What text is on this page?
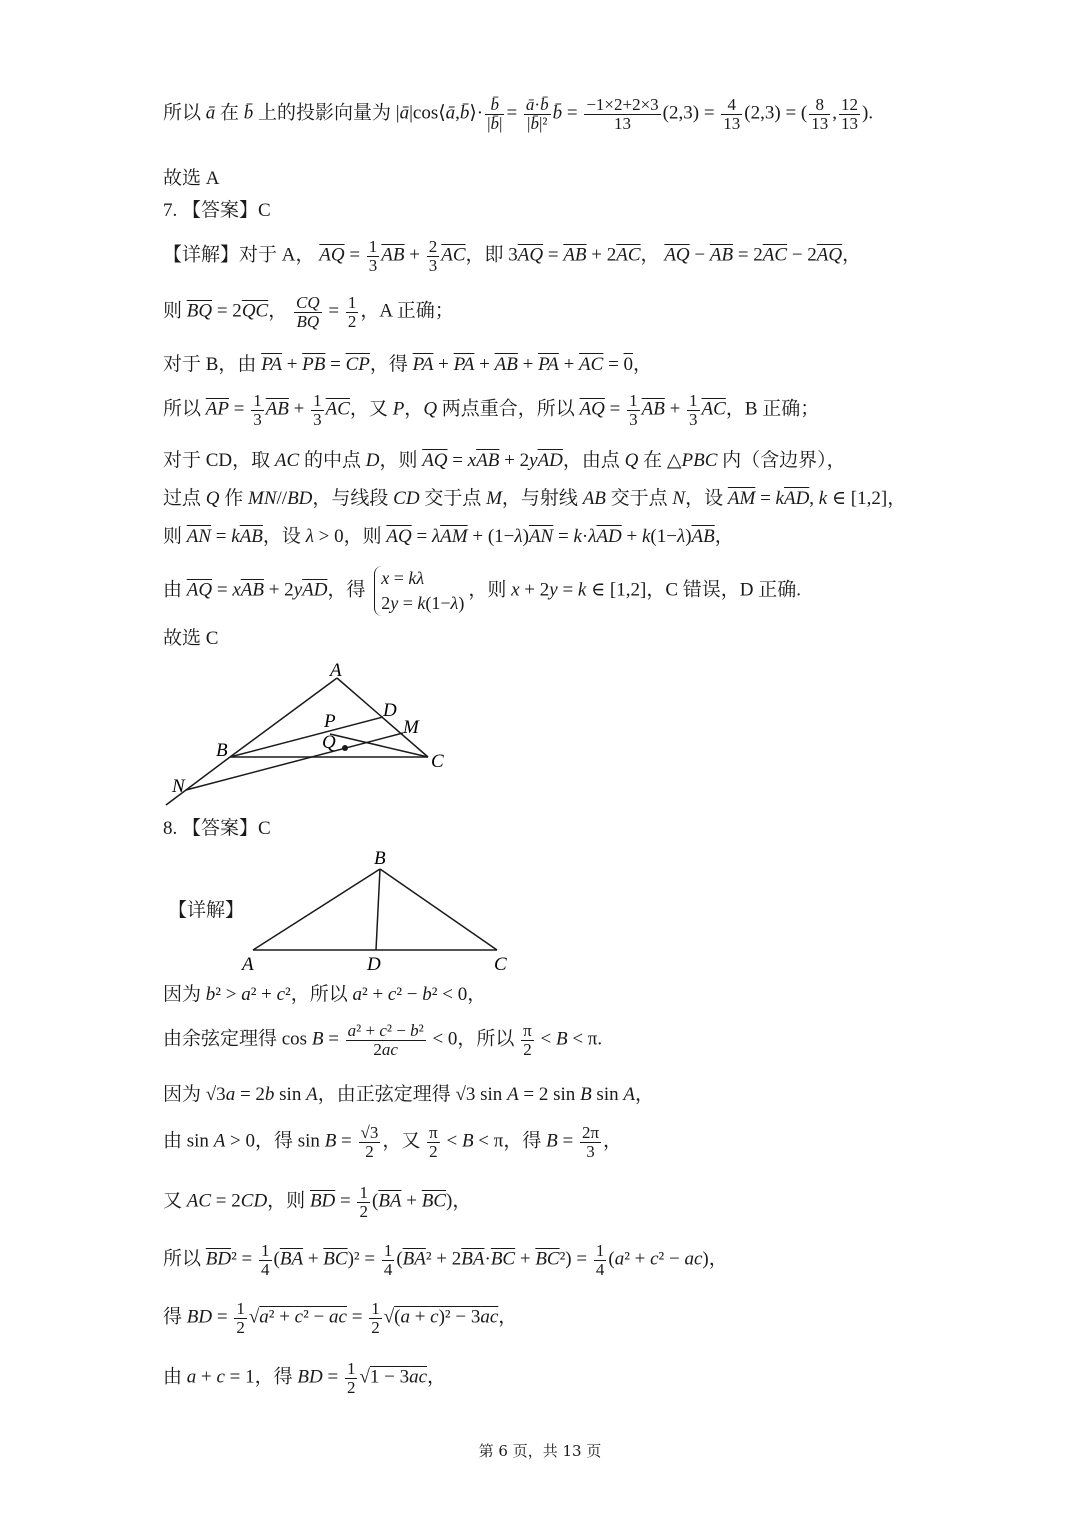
所以 ā 在 b̄ 上的投影向量为 |ā|cos⟨ā,b̄⟩· $\frac{b̄}{|b̄|} = \frac{ā\cdot b̄}{\text{|b̄|²}}$ b̄ = $\frac{-1\times 2+2\times 3}{13} (2,3) = \frac{4}{13} (2,3)$ = ( $\frac{8}{13}$ , $\frac{12}{13}$ ).
故选 A
7. 【答案】C
【详解】对于 A， $\overline{AQ} = \frac{1}{3} \overline{AB} + \frac{2}{3} \overline{AC}$，即 $3\overline{AQ} = \overline{AB} + 2\overline{AC}$， $\overline{AQ} - \overline{AB} = 2\overline{AC} - 2\overline{AQ}$，
则 $\overline{BQ} = 2\overline{QC}$， $\frac{CQ}{BQ} = \frac{1}{2}$ ，A 正确；
对于 B，由 $\overline{PA} + \overline{PB} = \overline{CP}$，得 $\overline{PA} + \overline{PA} + \overline{AB} + \overline{PA} + \overline{AC} = 0$，
所以 $\overline{AP} = \frac{1}{3} \overline{AB} + \frac{1}{3} \overline{AC}$，又 P，Q 两点重合，所以 $\overline{AQ} = \frac{1}{3} \overline{AB} + \frac{1}{3} \overline{AC}$，B 正确；
对于 CD，取 AC 的中点 D，则 $\overline{AQ} = x\overline{AB} + 2y\overline{AD}$，由点 Q 在 △PBC 内（含边界），
过点 Q 作 MN//BD，与线段 CD 交于点 M，与射线 AB 交于点 N，设 $\overline{AM} = k\overline{AD}$, k ∈ [1,2]，
则 $\overline{AN} = k\overline{AB}$，设 λ > 0，则 $\overline{AQ} = \lambda\overline{AM} + (1-\lambda)\overline{AN} = k\cdot\lambda\overline{AD} + k(1-\lambda)\overline{AB}$，
由 $\overline{AQ} = x\overline{AB} + 2y\overline{AD}$，得
x = kλ
2y = k(1−λ)
，则 x + 2y = k ∈ [1,2]，C 错误，D 正确.
故选 C
A
B
C
D
P
Q
M
N
8. 【答案】C
【详解】
B
A	D	C
因为 b² > a² + c²，所以 a² + c² − b² < 0，
由余弦定理得 $\cos B = \frac{\text{a² + c² − b²}}{2ac} < 0$，所以 $\frac{\pi}{2} < B < \pi$.
因为 √3a = 2b sin A，由正弦定理得 √3 sin A = 2 sin B sin A，
由 sin A > 0，得 $\sin B = \frac{√3}{2}$ ，又 $\frac{\pi}{2} < B < \pi$，得 $B = \frac{2\pi}{3}$ ，
又 AC = 2CD，则 $\overline{BD} = \frac{1}{2} (\overline{BA} + \overline{BC})$，
所以 $\overline{BD}^2 = \frac{1}{4} (\overline{BA} + \overline{BC})^2 = \frac{1}{4} (\overline{BA}^2 + 2\overline{BA}\cdot\overline{BC} + \overline{BC}^2) = \frac{1}{4} (a^2 + c^2 - ac)$，
得 BD = $\frac{1}{2} √a^2 + c^2$ − ac = $\frac{1}{2} √(a + c)^2 - 3ac$，
由 a + c = 1，得 BD = $\frac{1}{2} √1 - 3ac$，
第 6 页，共 13 页
